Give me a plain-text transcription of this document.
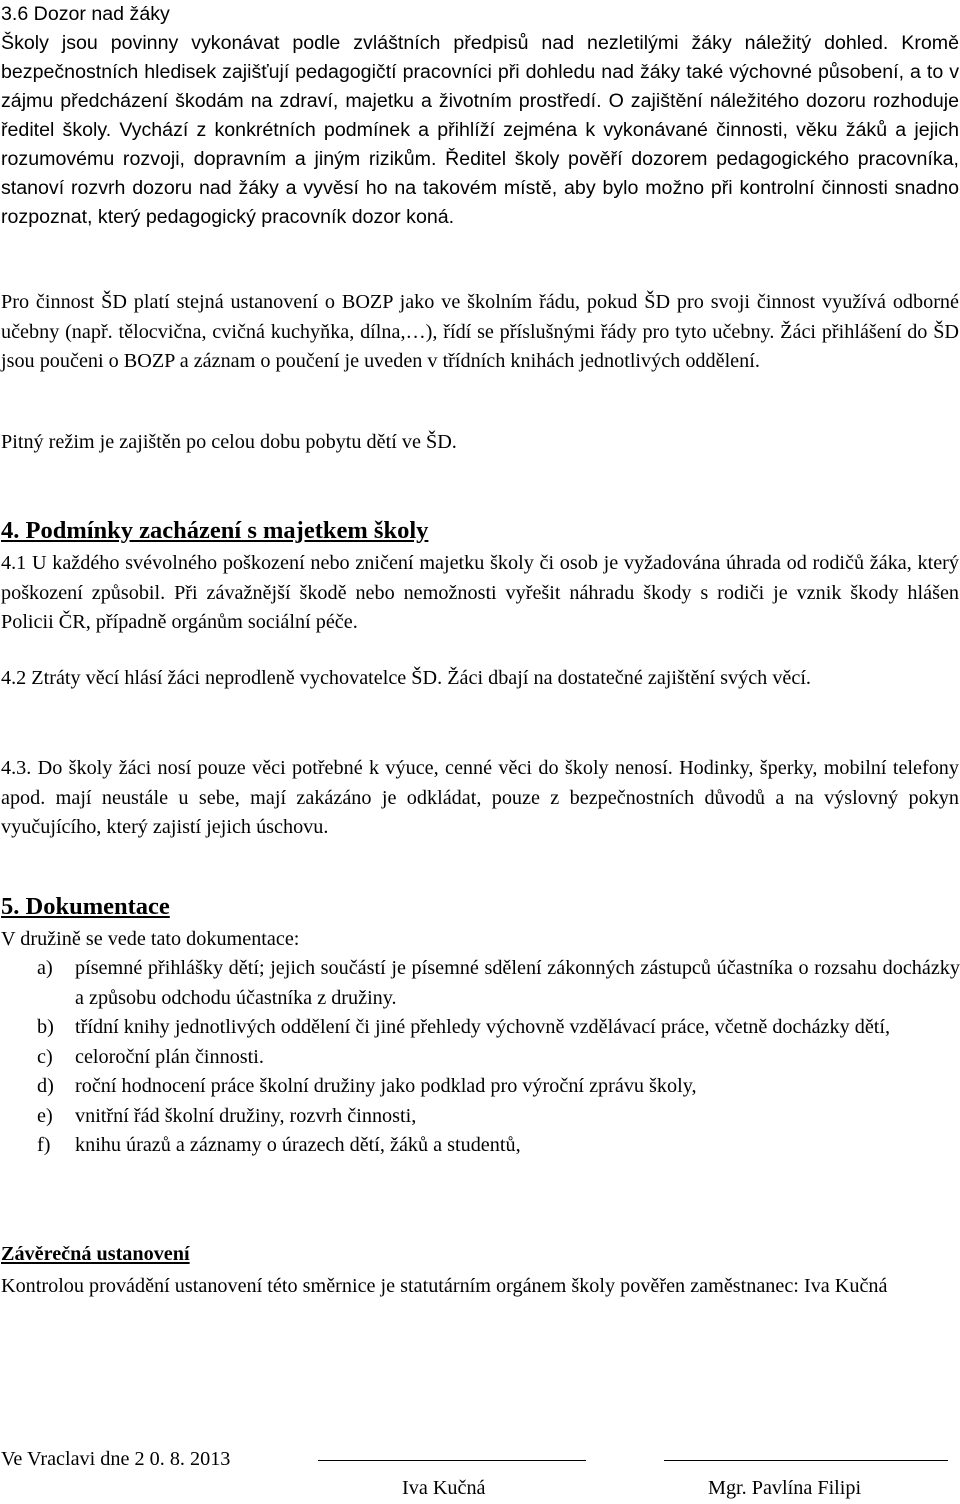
3.6 Dozor nad žáky

Školy jsou povinny vykonávat podle zvláštních předpisů nad nezletilými žáky náležitý dohled. Kromě bezpečnostních hledisek zajišťují pedagogičtí pracovníci při dohledu nad žáky také výchovné působení, a to v zájmu předcházení škodám na zdraví, majetku a životním prostředí. O zajištění náležitého dozoru rozhoduje ředitel školy. Vychází z konkrétních podmínek a přihlíží zejména k vykonávané činnosti, věku žáků a jejich rozumovému rozvoji, dopravním a jiným rizikům. Ředitel školy pověří dozorem pedagogického pracovníka, stanoví rozvrh dozoru nad žáky a vyvěsí ho na takovém místě, aby bylo možno při kontrolní činnosti snadno rozpoznat, který pedagogický pracovník dozor koná.

Pro činnost ŠD platí stejná ustanovení o BOZP jako ve školním řádu, pokud ŠD pro svoji činnost využívá odborné učebny (např. tělocvična, cvičná kuchyňka, dílna,…), řídí se příslušnými řády pro tyto učebny. Žáci přihlášení do ŠD jsou poučeni o BOZP a záznam o poučení je uveden v třídních knihách jednotlivých oddělení.

Pitný režim je zajištěn po celou dobu pobytu dětí ve ŠD.

4. Podmínky zacházení s majetkem školy

4.1 U každého svévolného poškození nebo zničení majetku školy či osob je vyžadována úhrada od rodičů žáka, který poškození způsobil. Při závažnější škodě nebo nemožnosti vyřešit náhradu škody s rodiči je vznik škody hlášen Policii ČR, případně orgánům sociální péče.

4.2 Ztráty věcí hlásí žáci neprodleně vychovatelce ŠD. Žáci dbají na dostatečné zajištění svých věcí.

4.3. Do školy žáci nosí pouze věci potřebné k výuce, cenné věci do školy nenosí. Hodinky, šperky, mobilní telefony apod. mají neustále u sebe, mají zakázáno je odkládat, pouze z bezpečnostních důvodů a na výslovný pokyn vyučujícího, který zajistí jejich úschovu.

5. Dokumentace

V družině se vede tato dokumentace:

a) písemné přihlášky dětí; jejich součástí je písemné sdělení zákonných zástupců účastníka o rozsahu docházky a způsobu odchodu účastníka z družiny.
b) třídní knihy jednotlivých oddělení či jiné přehledy výchovně vzdělávací práce, včetně docházky dětí,
c) celoroční plán činnosti.
d) roční hodnocení práce školní družiny jako podklad pro výroční zprávu školy,
e) vnitřní řád školní družiny, rozvrh činnosti,
f) knihu úrazů a záznamy o úrazech dětí, žáků a studentů,
Závěrečná ustanovení

Kontrolou provádění ustanovení této směrnice je statutárním orgánem školy pověřen zaměstnanec: Iva Kučná

Ve Vraclavi dne 2 0. 8. 2013
Iva Kučná	Mgr. Pavlína Filipi
